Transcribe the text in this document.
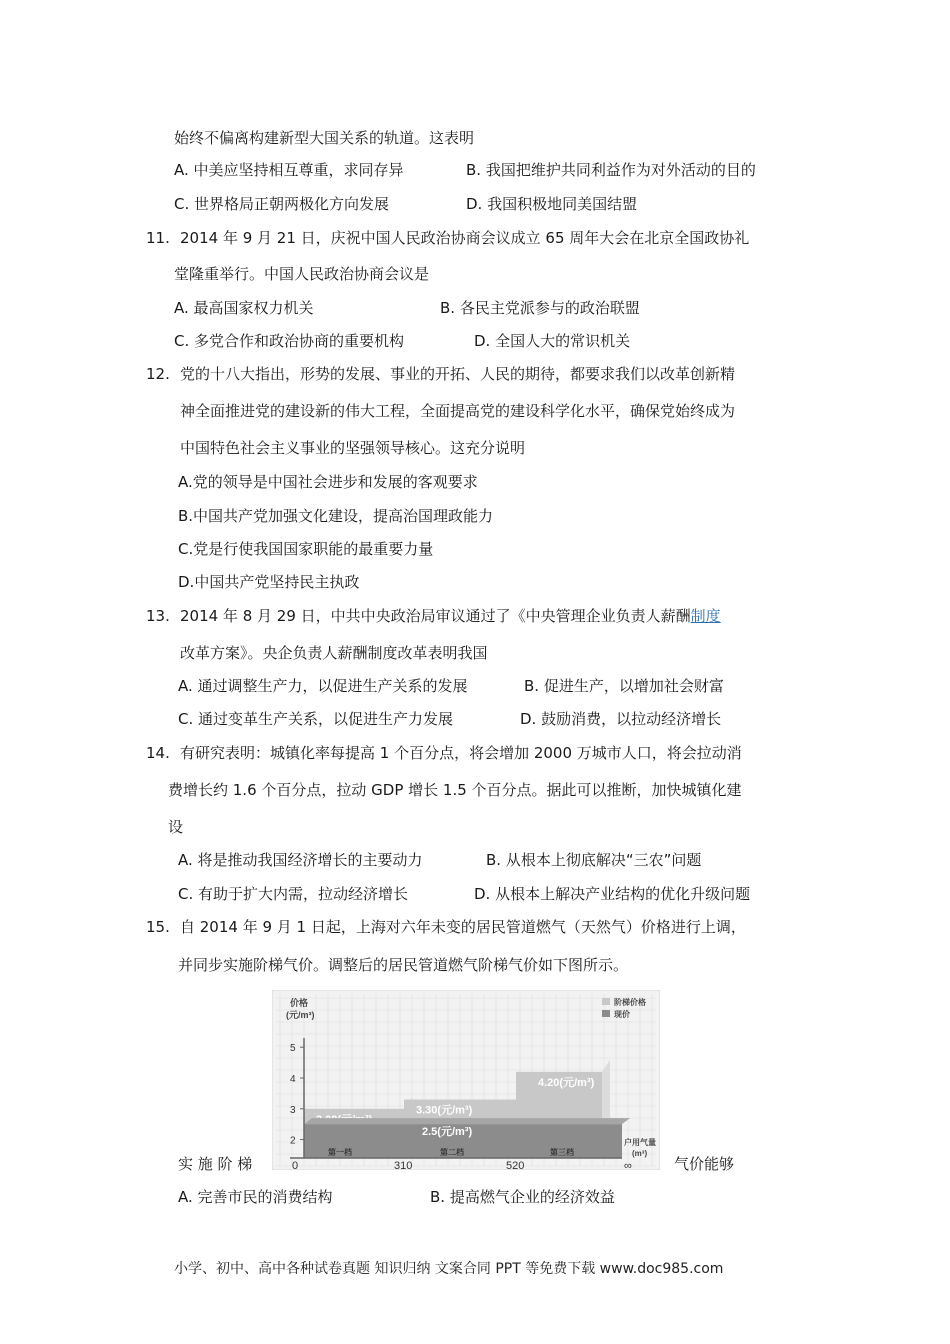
始终不偏离构建新型大国关系的轨道。这表明
A. 中美应坚持相互尊重，求同存异	B. 我国把维护共同利益作为对外活动的目的
C. 世界格局正朝两极化方向发展	D. 我国积极地同美国结盟
11. 2014 年 9 月 21 日，庆祝中国人民政治协商会议成立 65 周年大会在北京全国政协礼
堂隆重举行。中国人民政治协商会议是
A. 最高国家权力机关	B. 各民主党派参与的政治联盟
C. 多党合作和政治协商的重要机构	D. 全国人大的常识机关
12. 党的十八大指出，形势的发展、事业的开拓、人民的期待，都要求我们以改革创新精
神全面推进党的建设新的伟大工程，全面提高党的建设科学化水平，确保党始终成为
中国特色社会主义事业的坚强领导核心。这充分说明
A.党的领导是中国社会进步和发展的客观要求
B.中国共产党加强文化建设，提高治国理政能力
C.党是行使我国国家职能的最重要力量
D.中国共产党坚持民主执政
13. 2014 年 8 月 29 日，中共中央政治局审议通过了《中央管理企业负责人薪酬制度
改革方案》。央企负责人薪酬制度改革表明我国
A. 通过调整生产力，以促进生产关系的发展	B. 促进生产，以增加社会财富
C. 通过变革生产关系，以促进生产力发展	D. 鼓励消费，以拉动经济增长
14. 有研究表明：城镇化率每提高 1 个百分点，将会增加 2000 万城市人口，将会拉动消
费增长约 1.6 个百分点，拉动 GDP 增长 1.5 个百分点。据此可以推断，加快城镇化建
设
A. 将是推动我国经济增长的主要动力	B. 从根本上彻底解决“三农”问题
C. 有助于扩大内需，拉动经济增长	D. 从根本上解决产业结构的优化升级问题
15. 自 2014 年 9 月 1 日起，上海对六年未变的居民管道燃气（天然气）价格进行上调，
并同步实施阶梯气价。调整后的居民管道燃气阶梯气价如下图所示。
3.30(元/m³)
4.20(元/m³)
2.5(元/m³)
价格
(元/m³)
户用气量
(m³)
2
3
4
5
0	310	520	∞
第一档	第二档	第三档
阶梯价格
现价
实 施 阶 梯	气价能够
A. 完善市民的消费结构	B. 提高燃气企业的经济效益
小学、初中、高中各种试卷真题 知识归纳 文案合同 PPT 等免费下载 www.doc985.com
